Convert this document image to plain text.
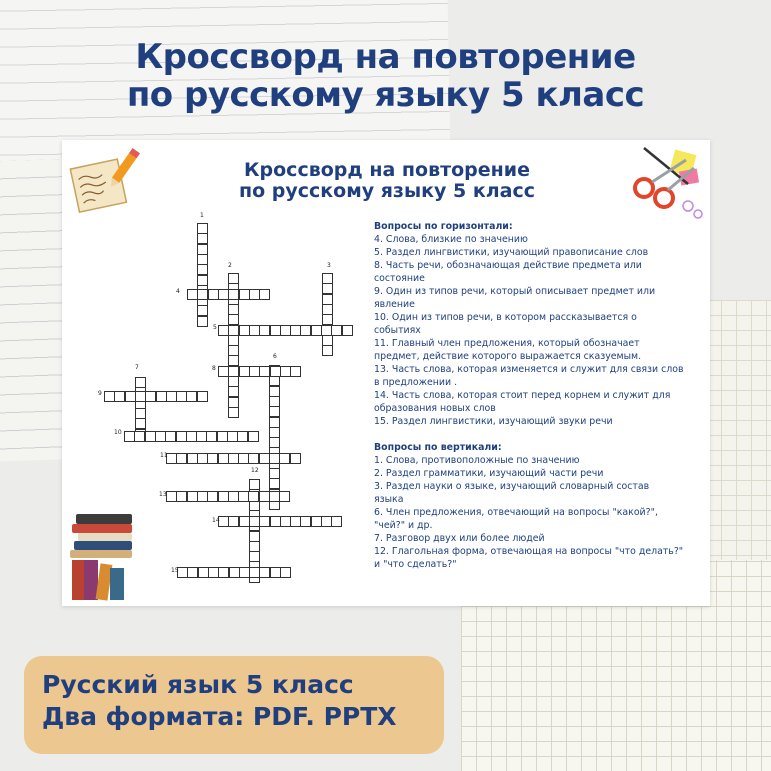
Кроссворд на повторение
по русскому языку 5 класс
Кроссворд на повторение
по русскому языку 5 класс
1
2	3
4
5
6
7	8
9
10
11
12
13
14
15
Вопросы по горизонтали:
4. Слова, близкие по значению
5. Раздел лингвистики, изучающий правописание слов
8. Часть речи, обозначающая действие предмета или
состояние
9. Один из типов речи, который описывает предмет или
явление
10. Один из типов речи, в котором рассказывается о
событиях
11. Главный член предложения, который обозначает
предмет, действие которого выражается сказуемым.
13. Часть слова, которая изменяется и служит для связи слов
в предложении .
14. Часть слова, которая стоит перед корнем и служит для
образования новых слов
15. Раздел лингвистики, изучающий звуки речи
Вопросы по вертикали:
1. Слова, противоположные по значению
2. Раздел грамматики, изучающий части речи
3. Раздел науки о языке, изучающий словарный состав
языка
6. Член предложения, отвечающий на вопросы "какой?",
"чей?" и др.
7. Разговор двух или более людей
12. Глагольная форма, отвечающая на вопросы "что делать?"
и "что сделать?"
Русский язык 5 класс
Два формата: PDF. PPTX
